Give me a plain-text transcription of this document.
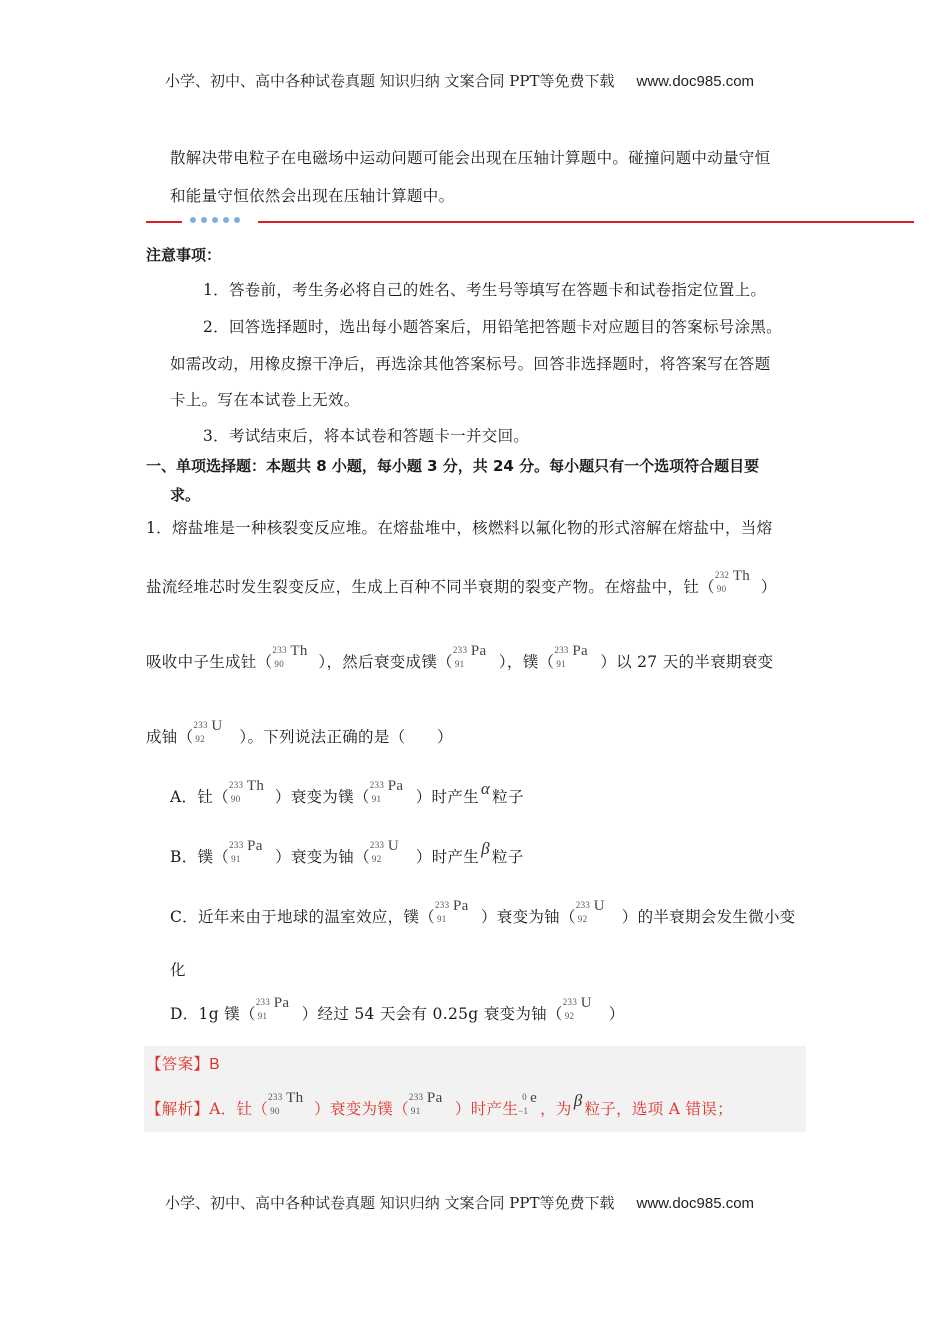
小学、初中、高中各种试卷真题 知识归纳 文案合同 PPT等免费下载 www.doc985.com
散解决带电粒子在电磁场中运动问题可能会出现在压轴计算题中。碰撞问题中动量守恒
和能量守恒依然会出现在压轴计算题中。
注意事项：
1．答卷前，考生务必将自己的姓名、考生号等填写在答题卡和试卷指定位置上。
2．回答选择题时，选出每小题答案后，用铅笔把答题卡对应题目的答案标号涂黑。
如需改动，用橡皮擦干净后，再选涂其他答案标号。回答非选择题时，将答案写在答题
卡上。写在本试卷上无效。
3．考试结束后，将本试卷和答题卡一并交回。
一、单项选择题：本题共 8 小题，每小题 3 分，共 24 分。每小题只有一个选项符合题目要
求。
1．熔盐堆是一种核裂变反应堆。在熔盐堆中，核燃料以氟化物的形式溶解在熔盐中，当熔
盐流经堆芯时发生裂变反应，生成上百种不同半衰期的裂变产物。在熔盐中，钍（
232
90
Th
）
吸收中子生成钍（
233
90
Th
），然后衰变成镤（
233
91
Pa
），镤（
233
91
Pa
）以 27 天的半衰期衰变
成铀（
233
92
U
）。下列说法正确的是（　　）
A．钍（
233
90
Th
）衰变为镤（
233
91
Pa
）时产生 α 粒子
B．镤（
233
91
Pa
）衰变为铀（
233
92
U
）时产生 β 粒子
C．近年来由于地球的温室效应，镤（
233
91
Pa
）衰变为铀（
233
92
U
）的半衰期会发生微小变
化
D．1g 镤（
233
91
Pa
）经过 54 天会有 0.25g 衰变为铀（
233
92
U
）
【答案】B
【解析】A．钍（
233
90
Th
）衰变为镤（
233
91
Pa
）时产生
0
−1
e
，为 β 粒子，选项 A 错误；
小学、初中、高中各种试卷真题 知识归纳 文案合同 PPT等免费下载 www.doc985.com
